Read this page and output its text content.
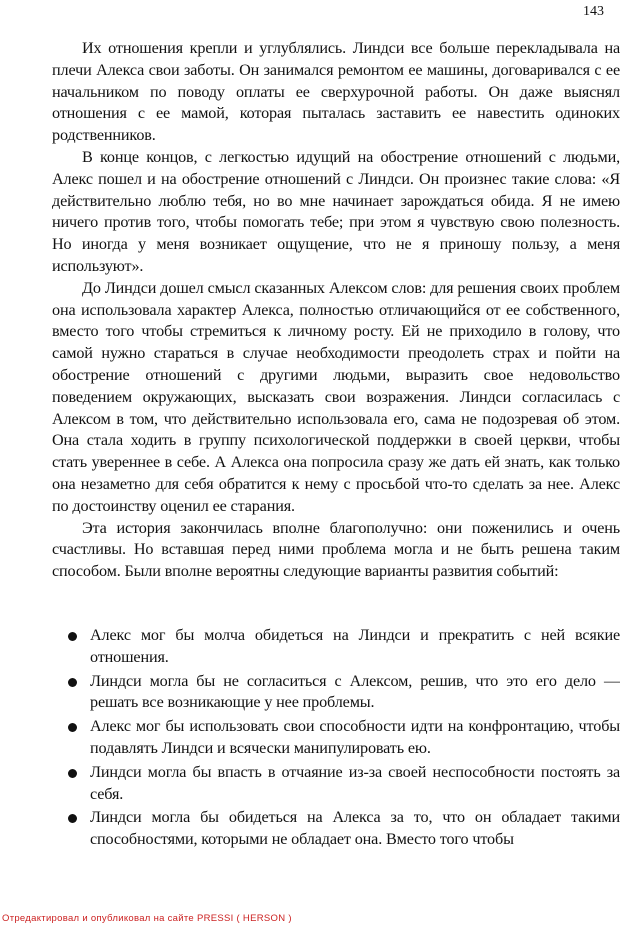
143

Их отношения крепли и углублялись. Линдси все больше перекладывала на плечи Алекса свои заботы. Он занимался ремонтом ее машины, договаривался с ее начальником по поводу оплаты ее сверхурочной работы. Он даже выяснял отношения с ее мамой, которая пыталась заставить ее навестить одиноких родственников.

В конце концов, с легкостью идущий на обострение отношений с людьми, Алекс пошел и на обострение отношений с Линдси. Он произнес такие слова: «Я действительно люблю тебя, но во мне начинает зарождаться обида. Я не имею ничего против того, чтобы помогать тебе; при этом я чувствую свою полезность. Но иногда у меня возникает ощущение, что не я приношу пользу, а меня используют».

До Линдси дошел смысл сказанных Алексом слов: для решения своих проблем она использовала характер Алекса, полностью отличающийся от ее собственного, вместо того чтобы стремиться к личному росту. Ей не приходило в голову, что самой нужно стараться в случае необходимости преодолеть страх и пойти на обострение отношений с другими людьми, выразить свое недовольство поведением окружающих, высказать свои возражения. Линдси согласилась с Алексом в том, что действительно использовала его, сама не подозревая об этом. Она стала ходить в группу психологической поддержки в своей церкви, чтобы стать увереннее в себе. А Алекса она попросила сразу же дать ей знать, как только она незаметно для себя обратится к нему с просьбой что-то сделать за нее. Алекс по достоинству оценил ее старания.

Эта история закончилась вполне благополучно: они поженились и очень счастливы. Но вставшая перед ними проблема могла и не быть решена таким способом. Были вполне вероятны следующие варианты развития событий:

Алекс мог бы молча обидеться на Линдси и прекратить с ней всякие отношения.
Линдси могла бы не согласиться с Алексом, решив, что это его дело — решать все возникающие у нее проблемы.
Алекс мог бы использовать свои способности идти на конфронтацию, чтобы подавлять Линдси и всячески манипулировать ею.
Линдси могла бы впасть в отчаяние из-за своей неспособности постоять за себя.
Линдси могла бы обидеться на Алекса за то, что он обладает такими способностями, которыми не обладает она. Вместо того чтобы
Отредактировал и опубликовал на сайте PRESSI ( HERSON )
